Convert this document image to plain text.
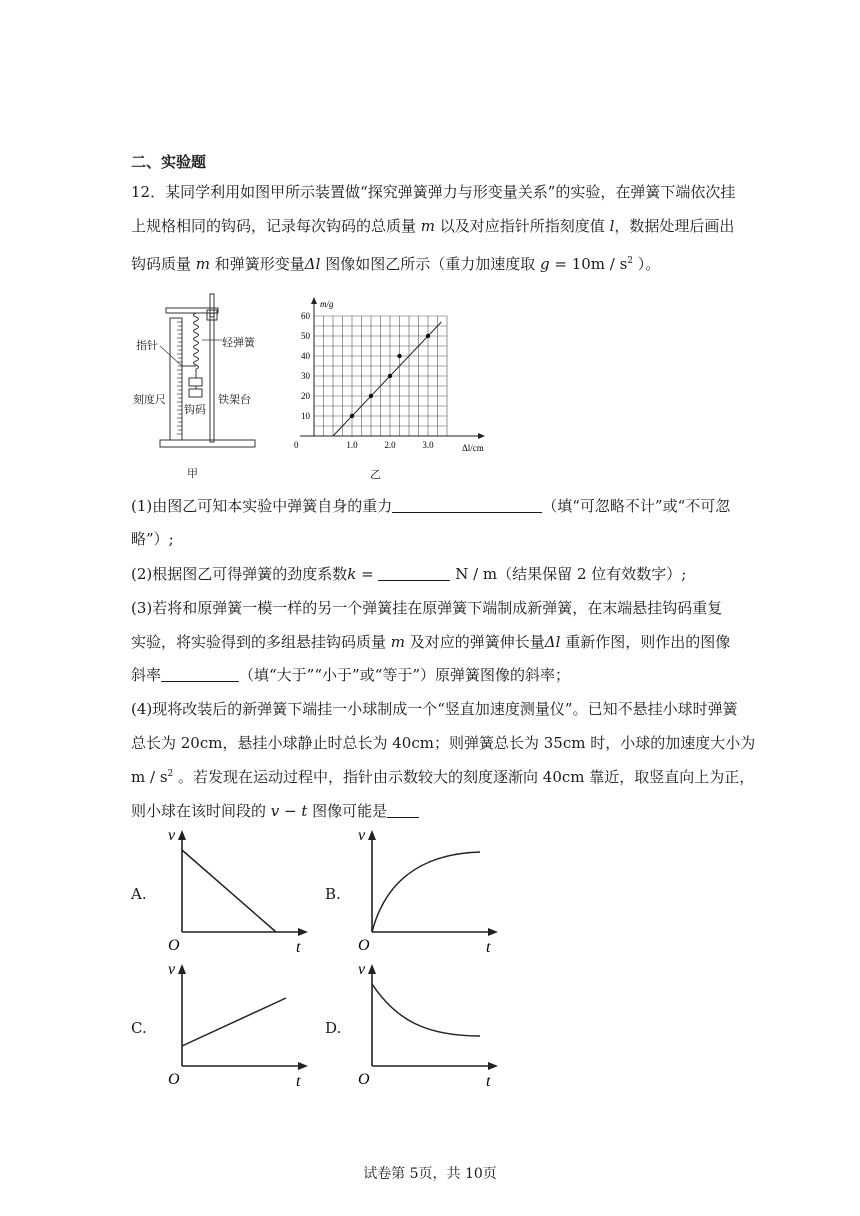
二、实验题
12．某同学利用如图甲所示装置做“探究弹簧弹力与形变量关系”的实验，在弹簧下端依次挂
上规格相同的钩码，记录每次钩码的总质量 m 以及对应指针所指刻度值 l，数据处理后画出
钩码质量 m 和弹簧形变量Δl 图像如图乙所示（重力加速度取 $g = 10m / s^2$ ）。
指针	轻弹簧
刻度尺
钩码
铁架台
甲
10
20
30
40
50
60
1.0	2.0	3.0
0
m/g
Δl/cm
乙
(1)由图乙可知本实验中弹簧自身的重力	（填“可忽略不计”或“不可忽
略”）;
(2)根据图乙可得弹簧的劲度系数k =	N / m（结果保留 2 位有效数字）;
(3)若将和原弹簧一模一样的另一个弹簧挂在原弹簧下端制成新弹簧，在末端悬挂钩码重复
实验，将实验得到的多组悬挂钩码质量 m 及对应的弹簧伸长量Δl 重新作图，则作出的图像
斜率	（填“大于”“小于”或“等于”）原弹簧图像的斜率；
(4)现将改装后的新弹簧下端挂一小球制成一个“竖直加速度测量仪”。已知不悬挂小球时弹簧
总长为 20cm，悬挂小球静止时总长为 40cm；则弹簧总长为 35cm 时，小球的加速度大小为
m / $s^2$ 。若发现在运动过程中，指针由示数较大的刻度逐渐向 40cm 靠近，取竖直向上为正，
则小球在该时间段的 v − t 图像可能是
A.	B.
C.	D.
v
O	t
v
O	t
v
O	t
v
O	t
试卷第 5页，共 10页
